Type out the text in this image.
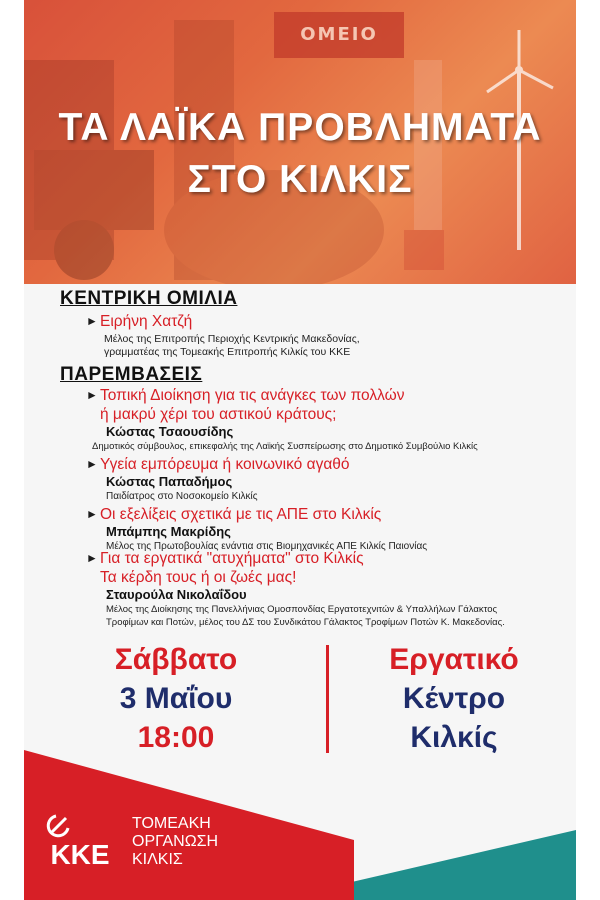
ΟΜΕΙΟ
ΤΑ ΛΑΪΚΑ ΠΡΟΒΛΗΜΑΤΑ
ΣΤΟ ΚΙΛΚΙΣ
ΚΕΝΤΡΙΚΗ ΟΜΙΛΙΑ
► Ειρήνη Χατζή
Μέλος της Επιτροπής Περιοχής Κεντρικής Μακεδονίας,
γραμματέας της Τομεακής Επιτροπής Κιλκίς του ΚΚΕ
ΠΑΡΕΜΒΑΣΕΙΣ
► Τοπική Διοίκηση για τις ανάγκες των πολλών
ή μακρύ χέρι του αστικού κράτους;
Κώστας Τσαουσίδης
Δημοτικός σύμβουλος, επικεφαλής της Λαϊκής Συσπείρωσης στο Δημοτικό Συμβούλιο Κιλκίς
► Υγεία εμπόρευμα ή κοινωνικό αγαθό
Κώστας Παπαδήμος
Παιδίατρος στο Νοσοκομείο Κιλκίς
► Οι εξελίξεις σχετικά με τις ΑΠΕ στο Κιλκίς
Μπάμπης Μακρίδης
Μέλος της Πρωτοβουλίας ενάντια στις Βιομηχανικές ΑΠΕ Κιλκίς Παιονίας
► Για τα εργατικά "ατυχήματα" στο Κιλκίς
Τα κέρδη τους ή οι ζωές μας!
Σταυρούλα Νικολαΐδου
Μέλος της Διοίκησης της Πανελλήνιας Ομοσπονδίας Εργατοτεχνιτών & Υπαλλήλων Γάλακτος
Τροφίμων και Ποτών, μέλος του ΔΣ του Συνδικάτου Γάλακτος Τροφίμων Ποτών Κ. Μακεδονίας.
Σάββατο
3 Μαΐου
18:00
Εργατικό
Κέντρο
Κιλκίς
ΚΚΕ
ΤΟΜΕΑΚΗ
ΟΡΓΑΝΩΣΗ
ΚΙΛΚΙΣ
